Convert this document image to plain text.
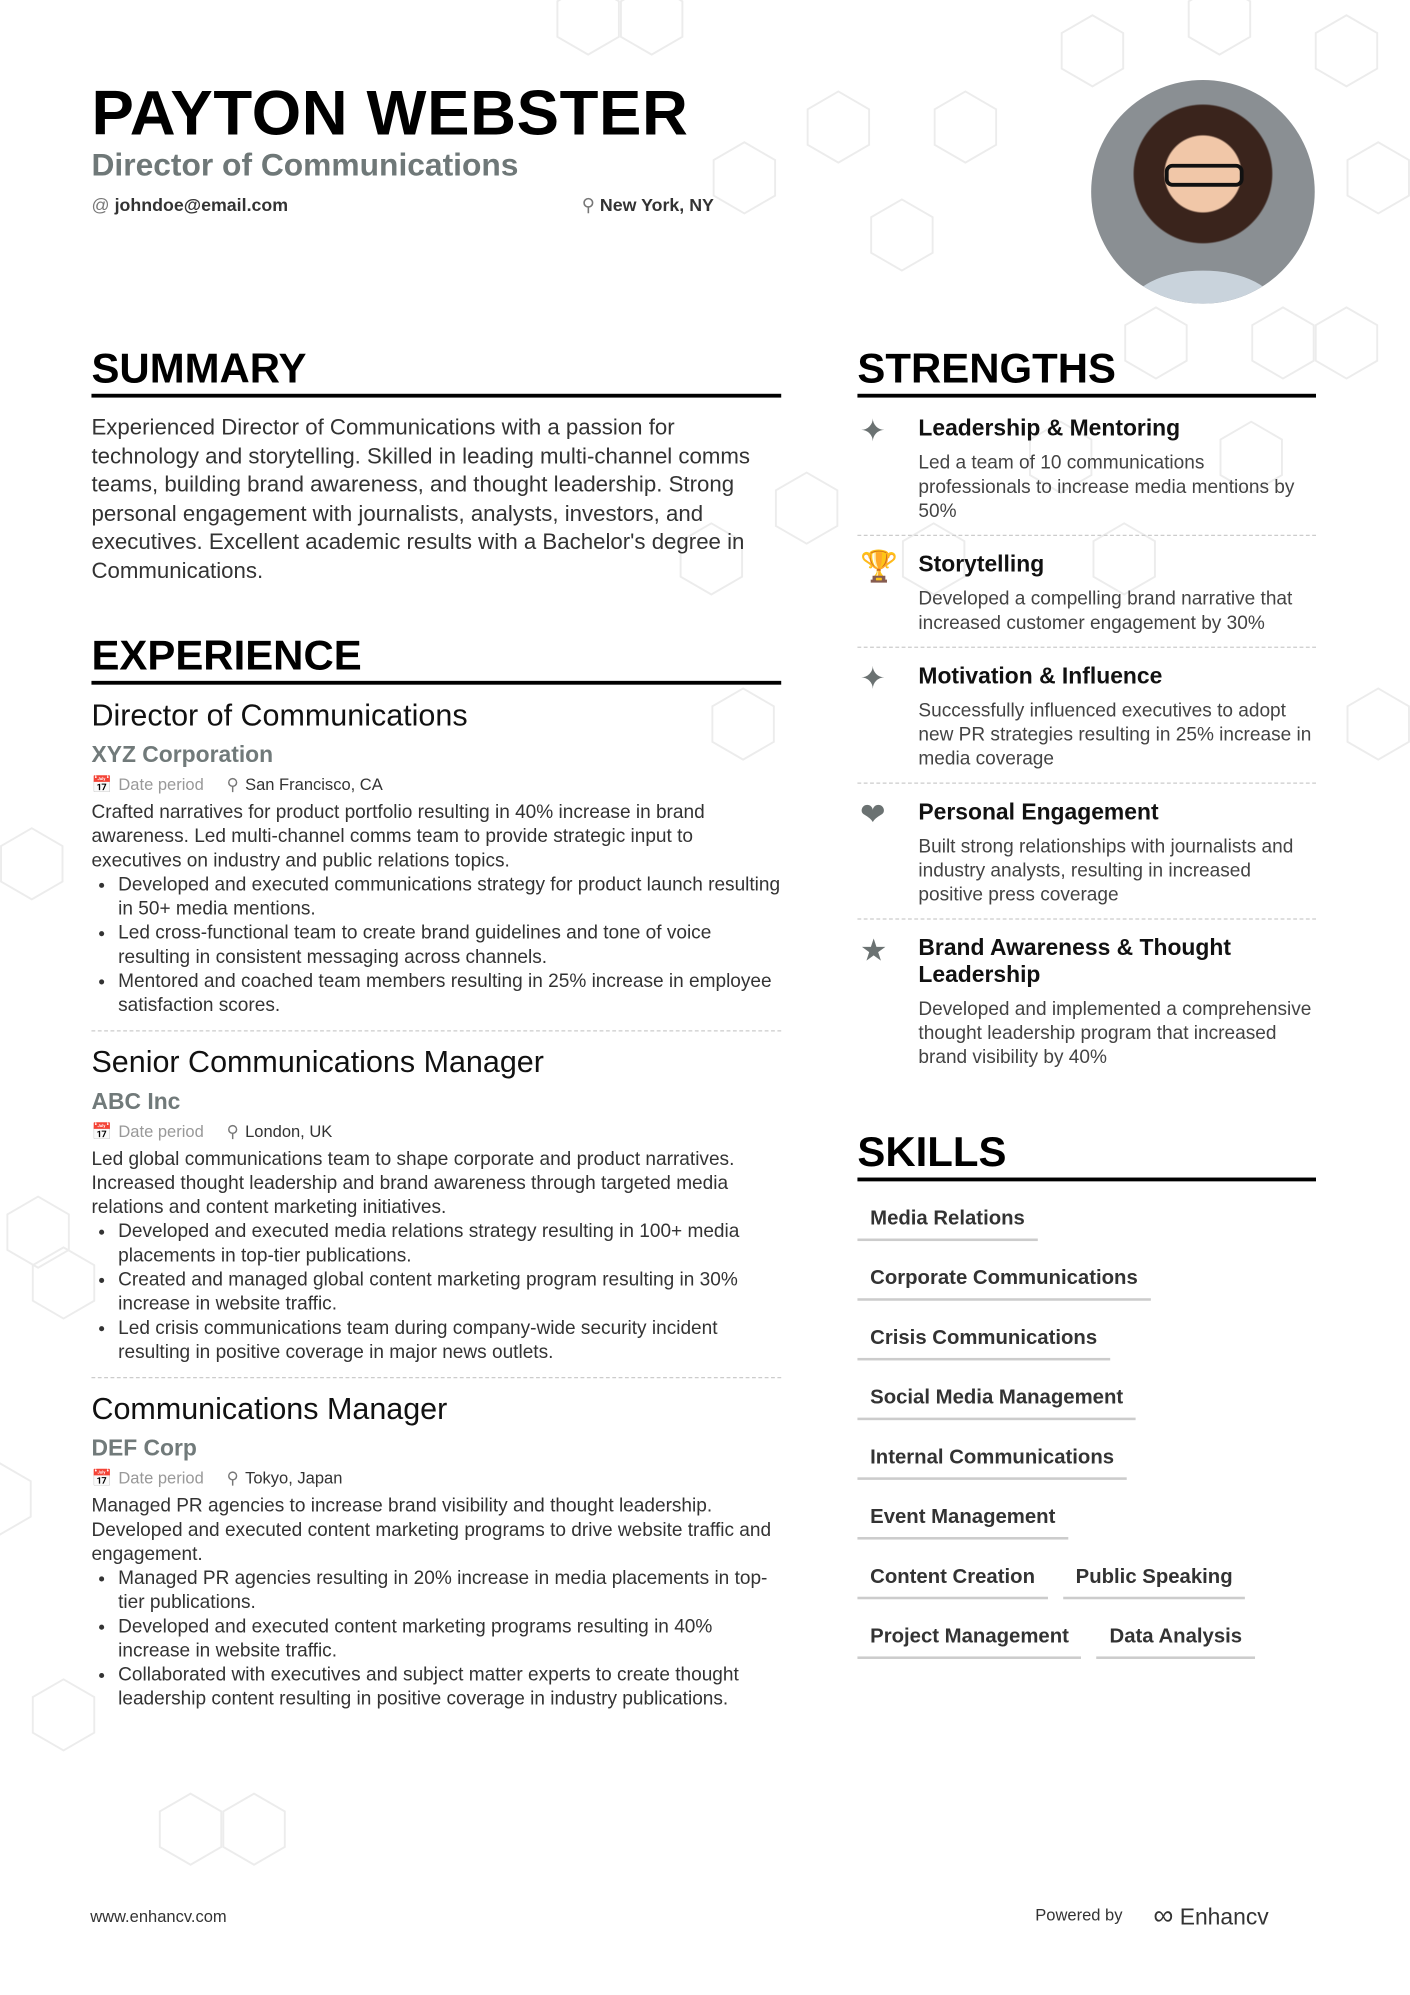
PAYTON WEBSTER
Director of Communications
@ johndoe@email.com	⚲ New York, NY
SUMMARY

Experienced Director of Communications with a passion for technology and storytelling. Skilled in leading multi-channel comms teams, building brand awareness, and thought leadership. Strong personal engagement with journalists, analysts, investors, and executives. Excellent academic results with a Bachelor's degree in Communications.

EXPERIENCE
Director of Communications
XYZ Corporation
📅 Date period ⚲ San Francisco, CA
Crafted narratives for product portfolio resulting in 40% increase in brand awareness. Led multi-channel comms team to provide strategic input to executives on industry and public relations topics.
• Developed and executed communications strategy for product launch resulting in 50+ media mentions.
• Led cross-functional team to create brand guidelines and tone of voice resulting in consistent messaging across channels.
• Mentored and coached team members resulting in 25% increase in employee satisfaction scores.
Senior Communications Manager
ABC Inc
📅 Date period ⚲ London, UK
Led global communications team to shape corporate and product narratives. Increased thought leadership and brand awareness through targeted media relations and content marketing initiatives.
• Developed and executed media relations strategy resulting in 100+ media placements in top-tier publications.
• Created and managed global content marketing program resulting in 30% increase in website traffic.
• Led crisis communications team during company-wide security incident resulting in positive coverage in major news outlets.
Communications Manager
DEF Corp
📅 Date period ⚲ Tokyo, Japan
Managed PR agencies to increase brand visibility and thought leadership. Developed and executed content marketing programs to drive website traffic and engagement.
• Managed PR agencies resulting in 20% increase in media placements in top-tier publications.
• Developed and executed content marketing programs resulting in 40% increase in website traffic.
• Collaborated with executives and subject matter experts to create thought leadership content resulting in positive coverage in industry publications.
STRENGTHS
✦	Leadership & Mentoring
Led a team of 10 communications professionals to increase media mentions by 50%
🏆	Storytelling
Developed a compelling brand narrative that increased customer engagement by 30%
✦	Motivation & Influence
Successfully influenced executives to adopt new PR strategies resulting in 25% increase in media coverage
❤	Personal Engagement
Built strong relationships with journalists and industry analysts, resulting in increased positive press coverage
★	Brand Awareness & Thought Leadership
Developed and implemented a comprehensive thought leadership program that increased brand visibility by 40%
SKILLS
Media Relations
Corporate Communications
Crisis Communications
Social Media Management
Internal Communications
Event Management
Content Creation	Public Speaking
Project Management	Data Analysis
www.enhancv.com	Powered by ∞ Enhancv
